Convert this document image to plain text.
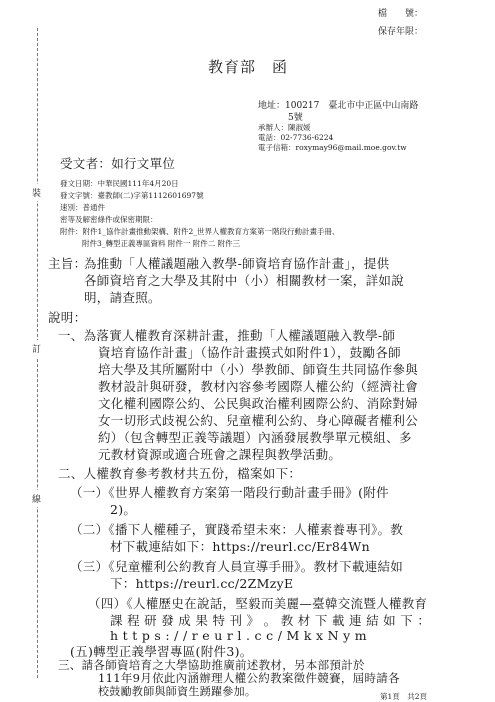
裝
訂
線
檔　　號：
保存年限：
教育部　函
地址：100217　臺北市中正區中山南路
5號
承辦人：陳淑媛
電話：02-7736-6224
電子信箱：roxymay96@mail.moe.gov.tw
受文者：如行文單位
發文日期：中華民國111年4月20日
發文字號：臺教師(二)字第1112601697號
速別：普通件
密等及解密條件或保密期限：
附件：附件1_協作計畫推動架構、附件2_世界人權教育方案第一階段行動計畫手冊、
附件3_轉型正義專區資料 附件一 附件二 附件三
主旨：
為推動「人權議題融入教學-師資培育協作計畫」，提供
各師資培育之大學及其附中（小）相關教材一案，詳如說
明，請查照。
說明：
一、為落實人權教育深耕計畫，推動「人權議題融入教學-師
資培育協作計畫」（協作計畫摸式如附件1），鼓勵各師
培大學及其所屬附中（小）學教師、師資生共同協作參與
教材設計與研發，教材內容參考國際人權公約（經濟社會
文化權利國際公約、公民與政治權利國際公約、消除對婦
女一切形式歧視公約、兒童權利公約、身心障礙者權利公
約）（包含轉型正義等議題）內涵發展教學單元模組、多
元教材資源或適合班會之課程與教學活動。
二、人權教育參考教材共五份，檔案如下：
（一）《世界人權教育方案第一階段行動計畫手冊》(附件
2)。
（二）《播下人權種子，實踐希望未來：人權素養專刊》。教
材下載連結如下：https://reurl.cc/Er84Wn
（三）《兒童權利公約教育人員宣導手冊》。教材下載連結如
下：https://reurl.cc/2ZMzyE
（四）《人權歷史在說話，堅毅而美麗—臺韓交流暨人權教育
課 程 研 發 成 果 特 刊 》 。 教 材 下 載 連 結 如 下 ：
h t t p s : / / r e u r l . c c / M k x N y m
(五)轉型正義學習專區(附件3)。
三、請各師資培育之大學協助推廣前述教材，另本部預計於
111年9月依此內涵辦理人權公約教案徵件競賽，屆時請各
校鼓勵教師與師資生踴躍參加。	第1頁　共2頁
